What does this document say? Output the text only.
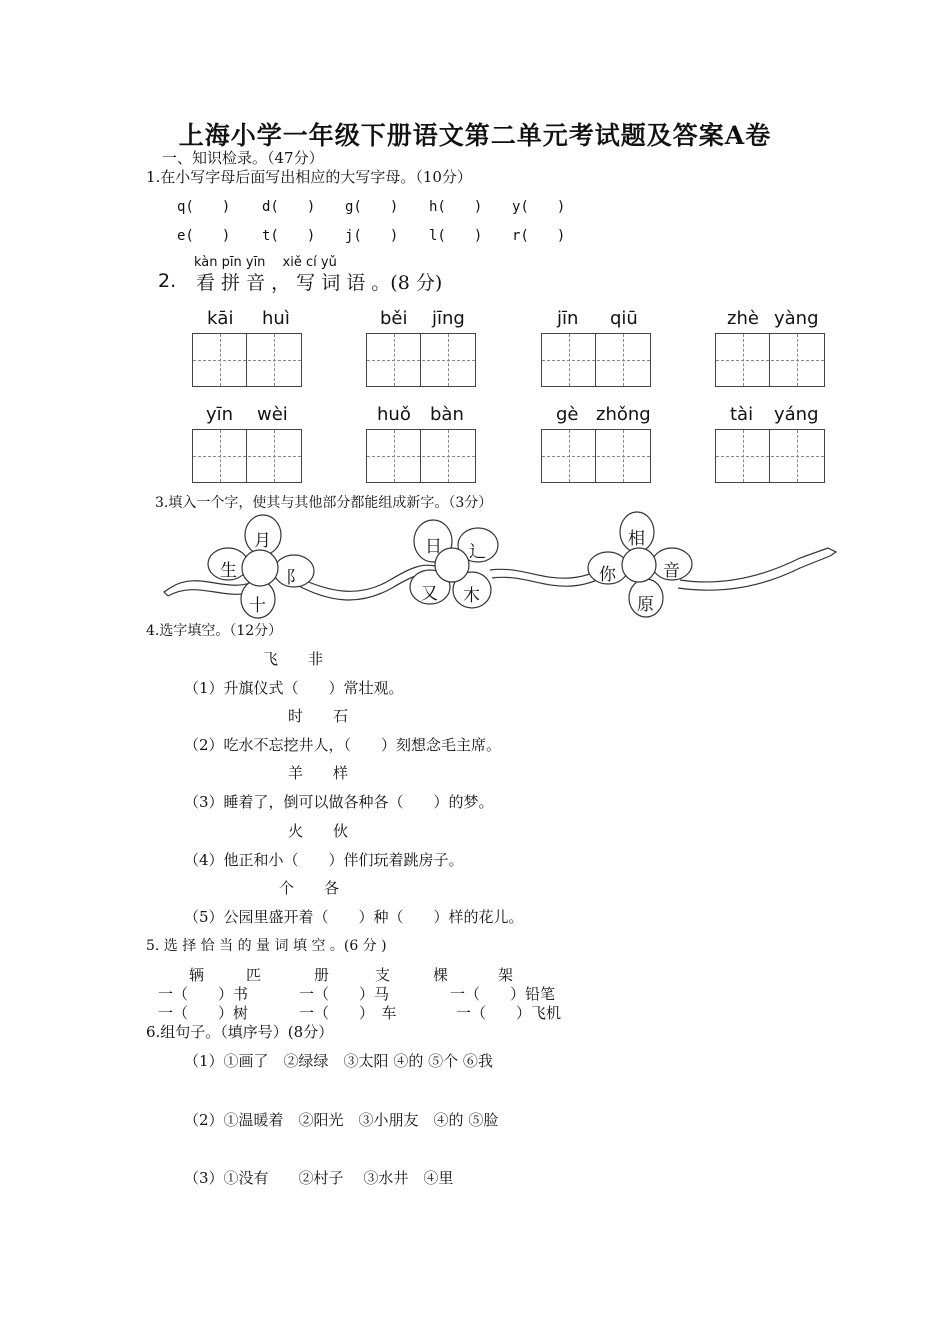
上海小学一年级下册语文第二单元考试题及答案A卷
一、知识检录。（47分）
1.在小写字母后面写出相应的大写字母。（10分）
q(　　) d(　　) g(　　) h(　　) y(　　)
e(　　) t(　　) j(　　) l(　　) r(　　)
kàn pīn yīn　 xiě cí yǔ
2. 看 拼 音 ， 写 词 语 。(8 分)
kāi huì	běi jīng	jīn qiū	zhè yàng
yīn wèi	huǒ bàn	gè zhǒng	tài yáng
3.填入一个字，使其与其他部分都能组成新字。（3分）
月
生	阝
十
日 辶
又 木
相
你	音
原
4.选字填空。（12分）
飞　　非
（1）升旗仪式（　　）常壮观。
时　　石
（2）吃水不忘挖井人，（　　）刻想念毛主席。
羊　　样
（3）睡着了，倒可以做各种各（　　）的梦。
火　　伙
（4）他正和小（　　）伴们玩着跳房子。
个　　各
（5）公园里盛开着（　　）种（　　）样的花儿。
5. 选 择 恰 当 的 量 词 填 空 。(6 分 )
辆	匹	册	支	棵	架
一（　　）书	一（　　）马	一（　　）铅笔
一（　　）树	一（　　）　车	一（　　）飞机
6.组句子。（填序号）(8分）
（1）①画了　②绿绿　③太阳 ④的 ⑤个 ⑥我
（2）①温暖着　②阳光　③小朋友　④的 ⑤脸
（3）①没有　　②村子　 ③水井　④里
